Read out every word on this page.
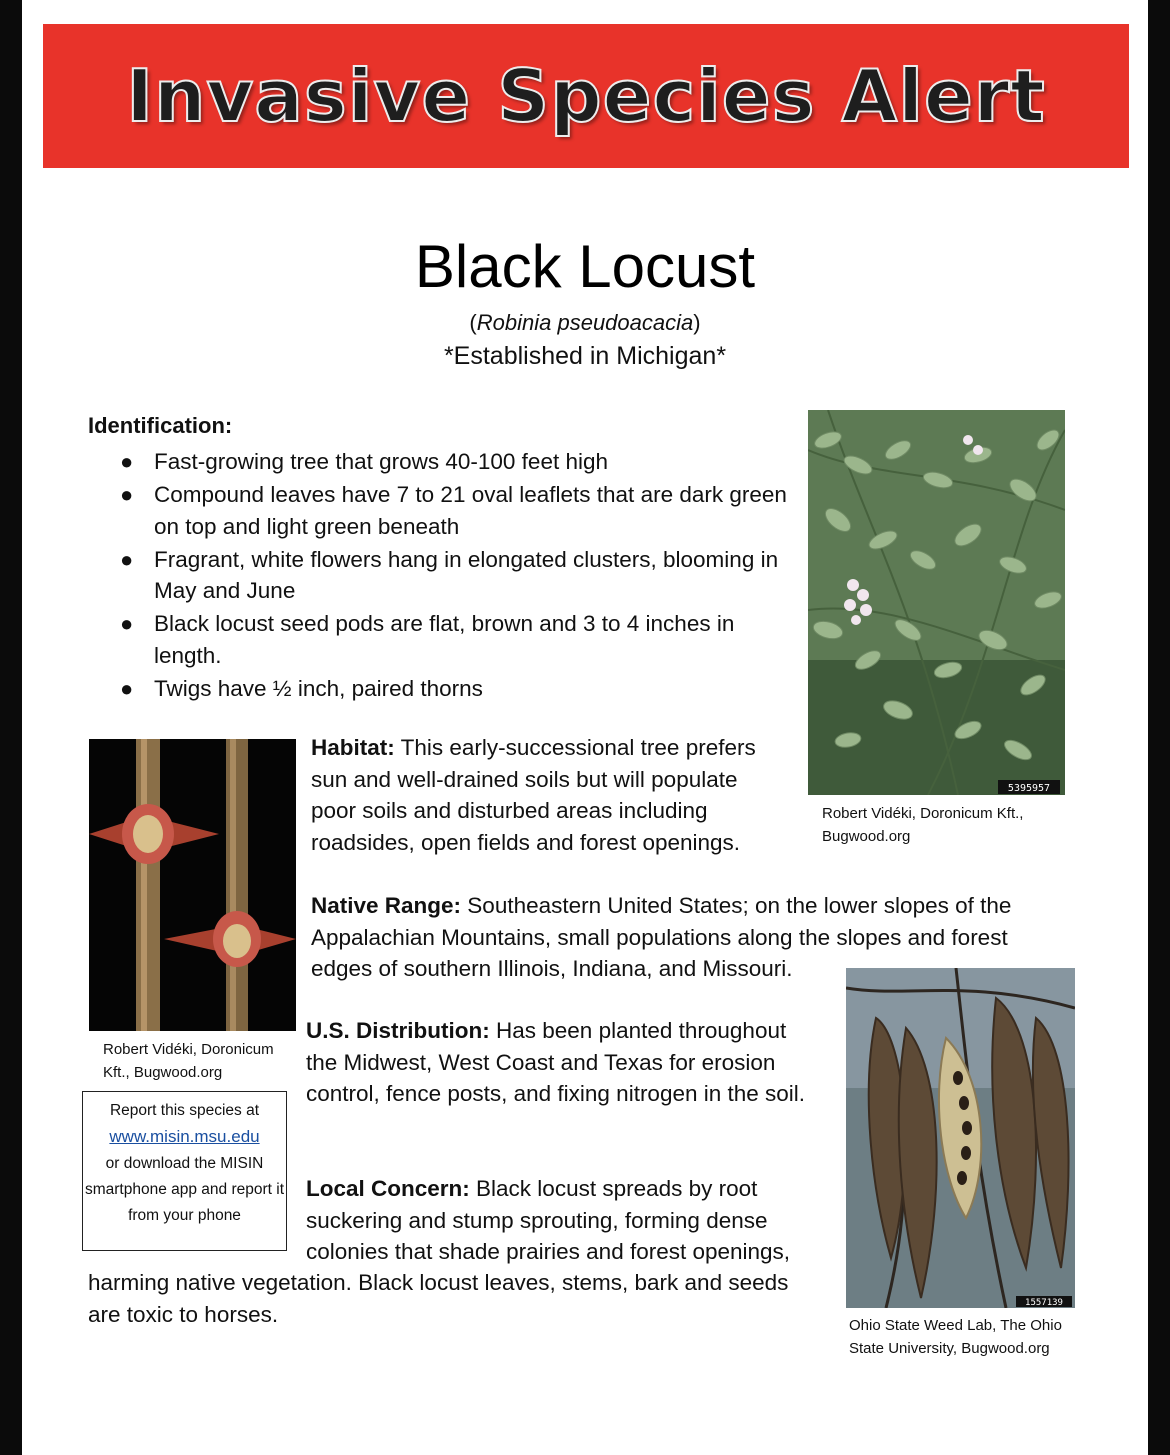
Invasive Species Alert
Black Locust
(Robinia pseudoacacia)
*Established in Michigan*
Identification:
● Fast-growing tree that grows 40-100 feet high
● Compound leaves have 7 to 21 oval leaflets that are dark green on top and light green beneath
● Fragrant, white flowers hang in elongated clusters, blooming in May and June
● Black locust seed pods are flat, brown and 3 to 4 inches in length.
● Twigs have ½ inch, paired thorns
5395957
Robert Vidéki, Doronicum Kft., Bugwood.org
Robert Vidéki, Doronicum Kft., Bugwood.org
1557139
Ohio State Weed Lab, The Ohio State University, Bugwood.org

Habitat: This early-successional tree prefers sun and well-drained soils but will populate poor soils and disturbed areas including roadsides, open fields and forest openings.

Native Range: Southeastern United States; on the lower slopes of the Appalachian Mountains, small populations along the slopes and forest edges of southern Illinois, Indiana, and Missouri.

U.S. Distribution: Has been planted throughout the Midwest, West Coast and Texas for erosion control, fence posts, and fixing nitrogen in the soil.

Local Concern: Black locust spreads by root suckering and stump sprouting, forming dense colonies that shade prairies and forest openings,

harming native vegetation. Black locust leaves, stems, bark and seeds are toxic to horses.

Report this species at
www.misin.msu.edu
or download the MISIN smartphone app and report it from your phone
